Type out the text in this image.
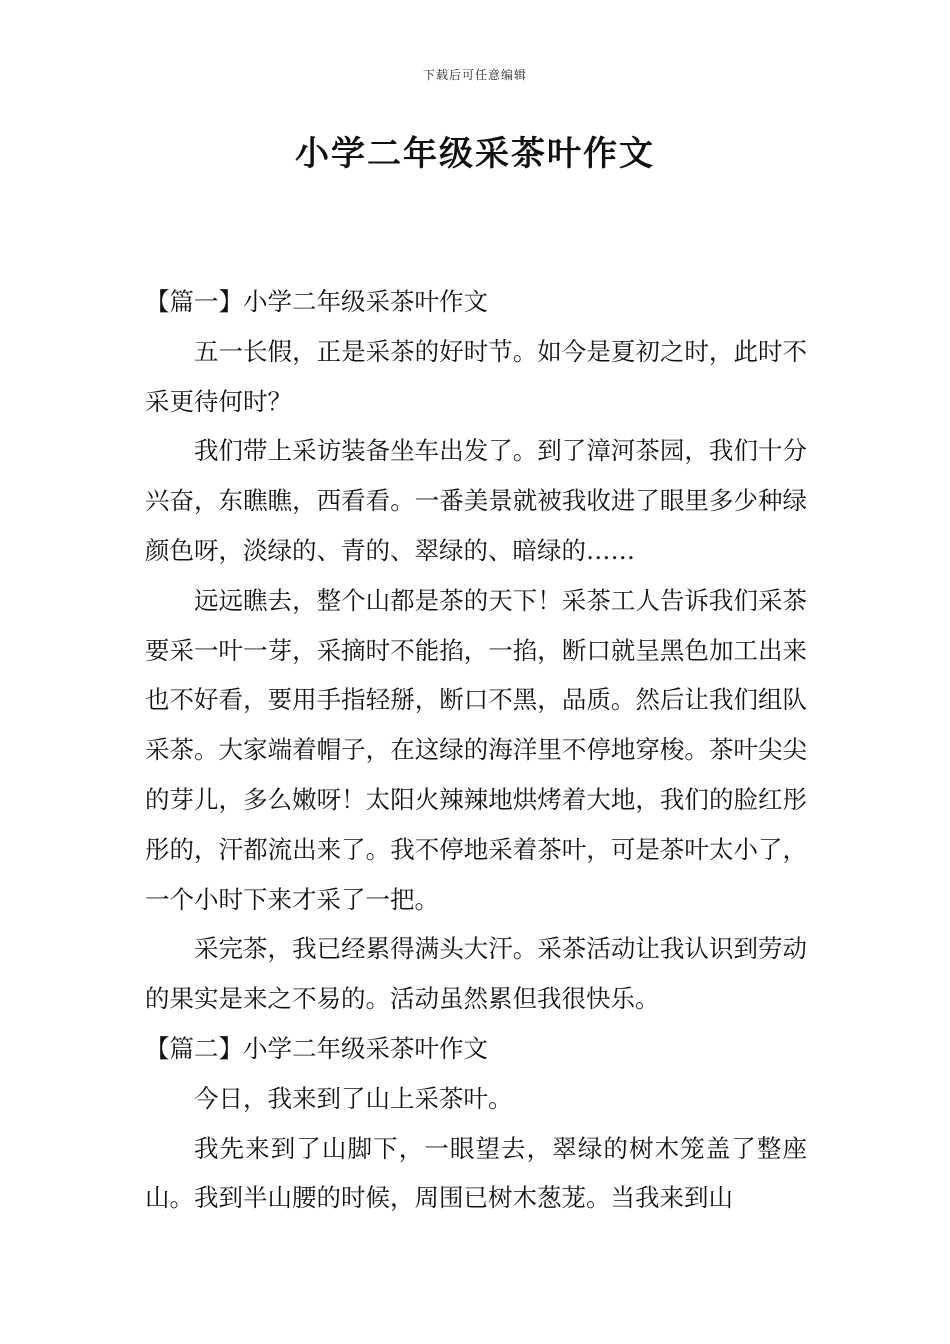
下载后可任意编辑
小学二年级采茶叶作文

【篇一】小学二年级采茶叶作文

五一长假，正是采茶的好时节。如今是夏初之时，此时不采更待何时？

我们带上采访装备坐车出发了。到了漳河茶园，我们十分兴奋，东瞧瞧，西看看。一番美景就被我收进了眼里多少种绿颜色呀，淡绿的、青的、翠绿的、暗绿的……

远远瞧去，整个山都是茶的天下！采茶工人告诉我们采茶要采一叶一芽，采摘时不能掐，一掐，断口就呈黑色加工出来也不好看，要用手指轻掰，断口不黑，品质。然后让我们组队采茶。大家端着帽子，在这绿的海洋里不停地穿梭。茶叶尖尖的芽儿，多么嫩呀！太阳火辣辣地烘烤着大地，我们的脸红彤彤的，汗都流出来了。我不停地采着茶叶，可是茶叶太小了，一个小时下来才采了一把。

采完茶，我已经累得满头大汗。采茶活动让我认识到劳动的果实是来之不易的。活动虽然累但我很快乐。

【篇二】小学二年级采茶叶作文

今日，我来到了山上采茶叶。

我先来到了山脚下，一眼望去，翠绿的树木笼盖了整座山。我到半山腰的时候，周围已树木葱茏。当我来到山
